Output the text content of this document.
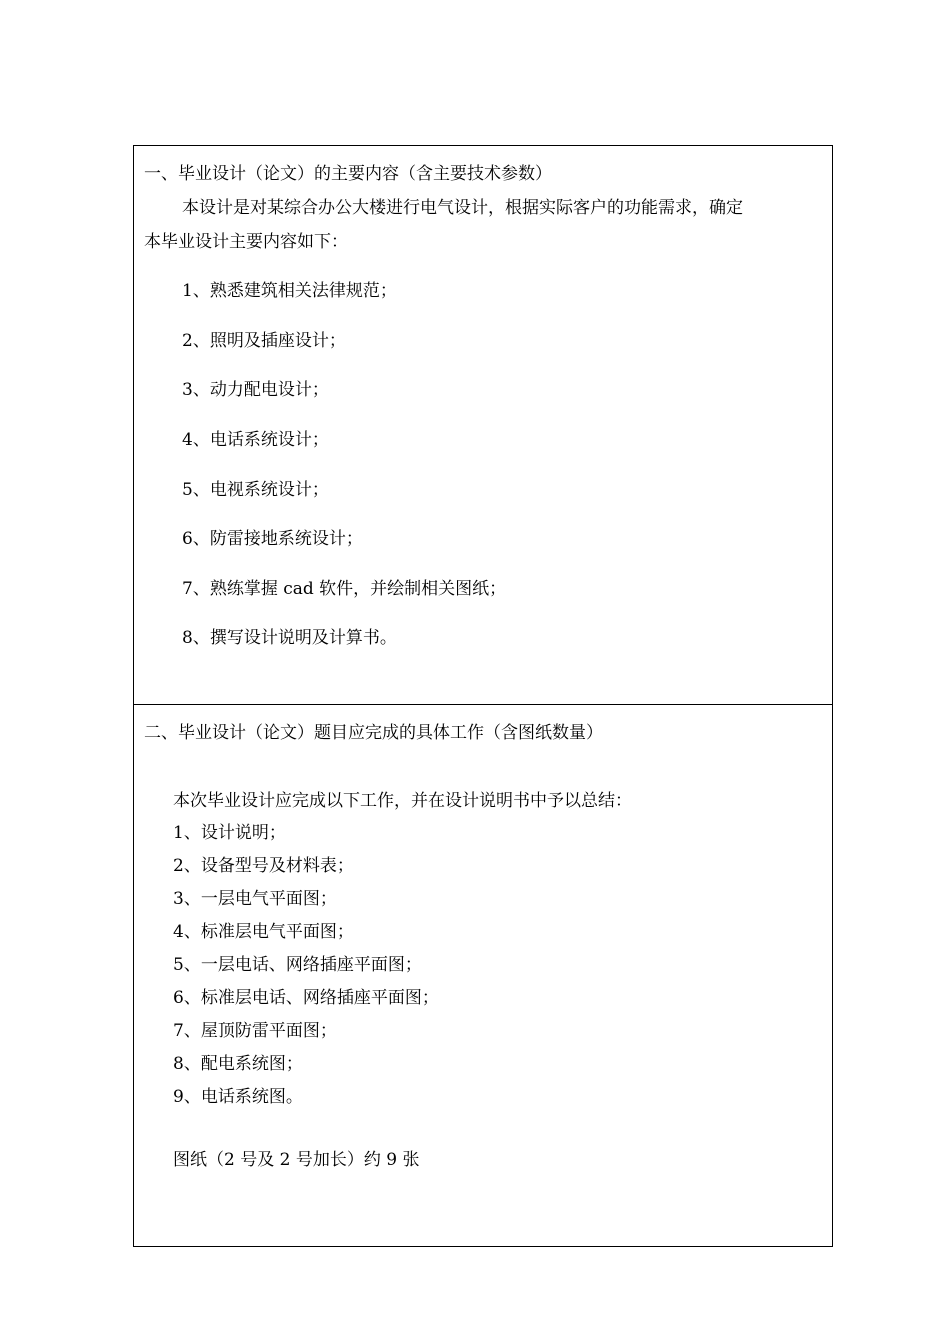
一、毕业设计（论文）的主要内容（含主要技术参数）
本设计是对某综合办公大楼进行电气设计，根据实际客户的功能需求，确定
本毕业设计主要内容如下：
1、熟悉建筑相关法律规范；
2、照明及插座设计；
3、动力配电设计；
4、电话系统设计；
5、电视系统设计；
6、防雷接地系统设计；
7、熟练掌握 cad 软件，并绘制相关图纸；
8、撰写设计说明及计算书。
二、毕业设计（论文）题目应完成的具体工作（含图纸数量）
本次毕业设计应完成以下工作，并在设计说明书中予以总结：
1、设计说明；
2、设备型号及材料表；
3、一层电气平面图；
4、标准层电气平面图；
5、一层电话、网络插座平面图；
6、标准层电话、网络插座平面图；
7、屋顶防雷平面图；
8、配电系统图；
9、电话系统图。
图纸（2 号及 2 号加长）约 9 张
